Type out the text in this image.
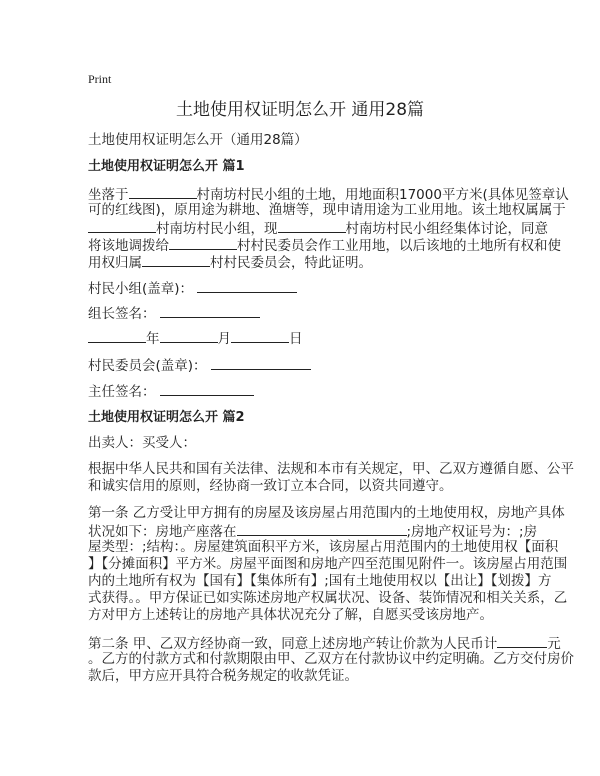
Print
土地使用权证明怎么开 通用28篇
土地使用权证明怎么开（通用28篇）
土地使用权证明怎么开 篇1
坐落于	村南坊村民小组的土地，用地面积17000平方米(具体见签章认
可的红线图)，原用途为耕地、渔塘等，现申请用途为工业用地。该土地权属属于
村南坊村民小组，现	村南坊村民小组经集体讨论，同意
将该地调拨给	村村民委员会作工业用地，以后该地的土地所有权和使
用权归属	村村民委员会，特此证明。
村民小组(盖章)：
组长签名：
年	月	日
村民委员会(盖章)：
主任签名：
土地使用权证明怎么开 篇2
出卖人：买受人：
根据中华人民共和国有关法律、法规和本市有关规定，甲、乙双方遵循自愿、公平
和诚实信用的原则，经协商一致订立本合同，以资共同遵守。
第一条 乙方受让甲方拥有的房屋及该房屋占用范围内的土地使用权，房地产具体
状况如下：房地产座落在	;房地产权证号为：;房
屋类型：;结构：。房屋建筑面积平方米，该房屋占用范围内的土地使用权【面积
】【分摊面积】平方米。房屋平面图和房地产四至范围见附件一。该房屋占用范围
内的土地所有权为【国有】【集体所有】;国有土地使用权以【出让】【划拨】方
式获得。。甲方保证已如实陈述房地产权属状况、设备、装饰情况和相关关系，乙
方对甲方上述转让的房地产具体状况充分了解，自愿买受该房地产。
第二条 甲、乙双方经协商一致，同意上述房地产转让价款为人民币计	元
。乙方的付款方式和付款期限由甲、乙双方在付款协议中约定明确。乙方交付房价
款后，甲方应开具符合税务规定的收款凭证。
